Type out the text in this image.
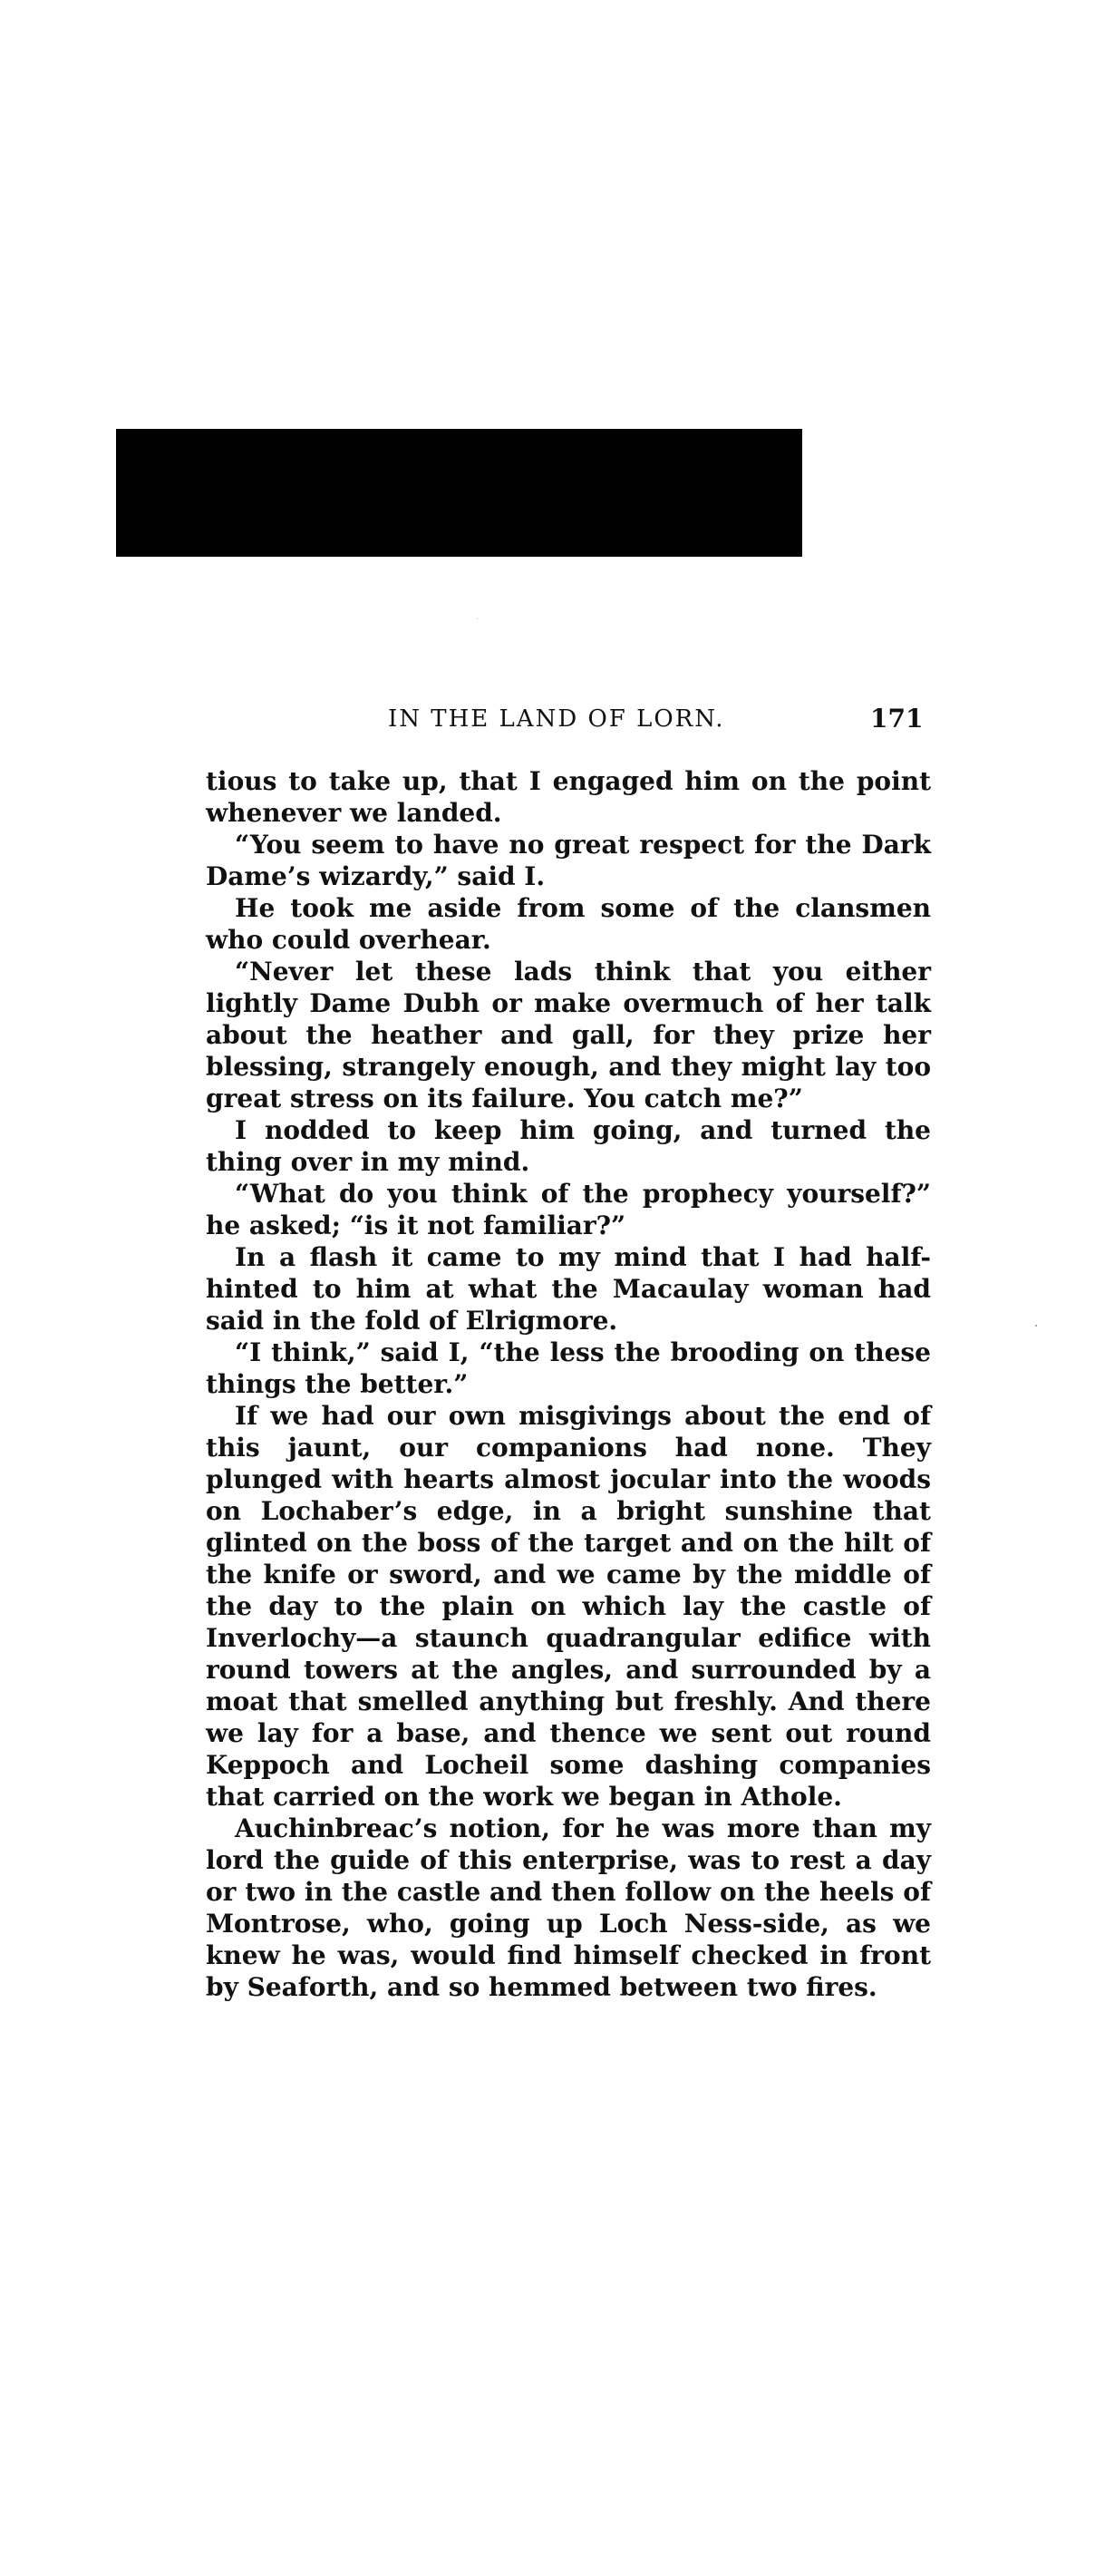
IN THE LAND OF LORN.	171

tious to take up, that I engaged him on the point whenever we landed.

“You seem to have no great respect for the Dark Dame’s wizardy,” said I.

He took me aside from some of the clansmen who could overhear.

“Never let these lads think that you either lightly Dame Dubh or make overmuch of her talk about the heather and gall, for they prize her blessing, strangely enough, and they might lay too great stress on its failure. You catch me?”

I nodded to keep him going, and turned the thing over in my mind.

“What do you think of the prophecy yourself?” he asked; “is it not familiar?”

In a flash it came to my mind that I had half-hinted to him at what the Macaulay woman had said in the fold of Elrigmore.

“I think,” said I, “the less the brooding on these things the better.”

If we had our own misgivings about the end of this jaunt, our companions had none. They plunged with hearts almost jocular into the woods on Lochaber’s edge, in a bright sunshine that glinted on the boss of the target and on the hilt of the knife or sword, and we came by the middle of the day to the plain on which lay the castle of Inverlochy—a staunch quadrangular edifice with round towers at the angles, and surrounded by a moat that smelled anything but freshly. And there we lay for a base, and thence we sent out round Keppoch and Locheil some dashing companies that carried on the work we began in Athole.

Auchinbreac’s notion, for he was more than my lord the guide of this enterprise, was to rest a day or two in the castle and then follow on the heels of Montrose, who, going up Loch Ness-side, as we knew he was, would find himself checked in front by Seaforth, and so hemmed between two fires.
